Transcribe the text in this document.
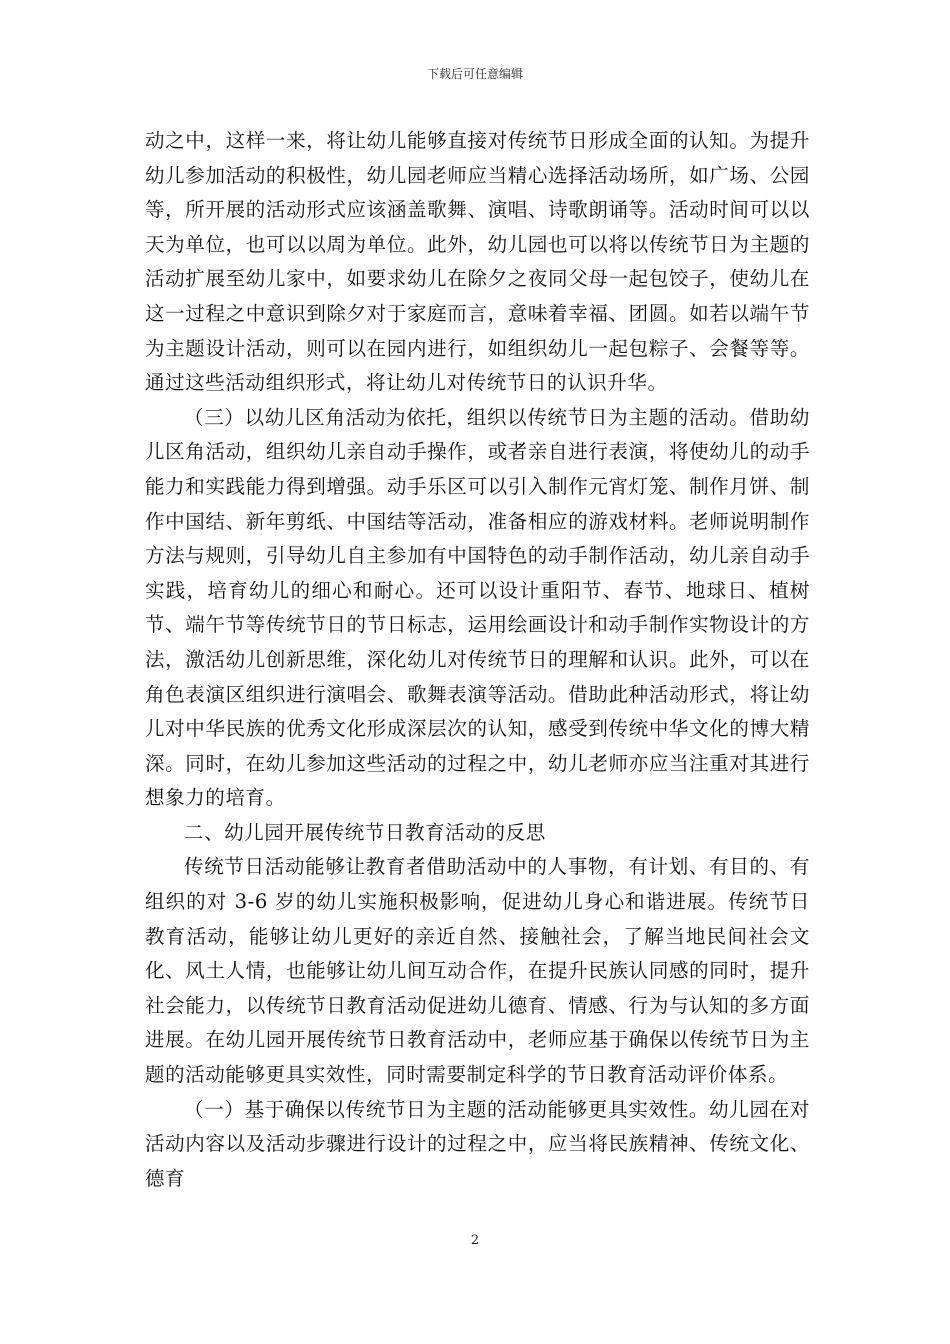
下载后可任意编辑

动之中，这样一来，将让幼儿能够直接对传统节日形成全面的认知。为提升幼儿参加活动的积极性，幼儿园老师应当精心选择活动场所，如广场、公园等，所开展的活动形式应该涵盖歌舞、演唱、诗歌朗诵等。活动时间可以以天为单位，也可以以周为单位。此外，幼儿园也可以将以传统节日为主题的活动扩展至幼儿家中，如要求幼儿在除夕之夜同父母一起包饺子，使幼儿在这一过程之中意识到除夕对于家庭而言，意味着幸福、团圆。如若以端午节为主题设计活动，则可以在园内进行，如组织幼儿一起包粽子、会餐等等。通过这些活动组织形式，将让幼儿对传统节日的认识升华。

（三）以幼儿区角活动为依托，组织以传统节日为主题的活动。借助幼儿区角活动，组织幼儿亲自动手操作，或者亲自进行表演，将使幼儿的动手能力和实践能力得到增强。动手乐区可以引入制作元宵灯笼、制作月饼、制作中国结、新年剪纸、中国结等活动，准备相应的游戏材料。老师说明制作方法与规则，引导幼儿自主参加有中国特色的动手制作活动，幼儿亲自动手实践，培育幼儿的细心和耐心。还可以设计重阳节、春节、地球日、植树节、端午节等传统节日的节日标志，运用绘画设计和动手制作实物设计的方法，激活幼儿创新思维，深化幼儿对传统节日的理解和认识。此外，可以在角色表演区组织进行演唱会、歌舞表演等活动。借助此种活动形式，将让幼儿对中华民族的优秀文化形成深层次的认知，感受到传统中华文化的博大精深。同时，在幼儿参加这些活动的过程之中，幼儿老师亦应当注重对其进行想象力的培育。

二、幼儿园开展传统节日教育活动的反思

传统节日活动能够让教育者借助活动中的人事物，有计划、有目的、有组织的对 3-6 岁的幼儿实施积极影响，促进幼儿身心和谐进展。传统节日教育活动，能够让幼儿更好的亲近自然、接触社会，了解当地民间社会文化、风土人情，也能够让幼儿间互动合作，在提升民族认同感的同时，提升社会能力，以传统节日教育活动促进幼儿德育、情感、行为与认知的多方面进展。在幼儿园开展传统节日教育活动中，老师应基于确保以传统节日为主题的活动能够更具实效性，同时需要制定科学的节日教育活动评价体系。

（一）基于确保以传统节日为主题的活动能够更具实效性。幼儿园在对活动内容以及活动步骤进行设计的过程之中，应当将民族精神、传统文化、德育

2
